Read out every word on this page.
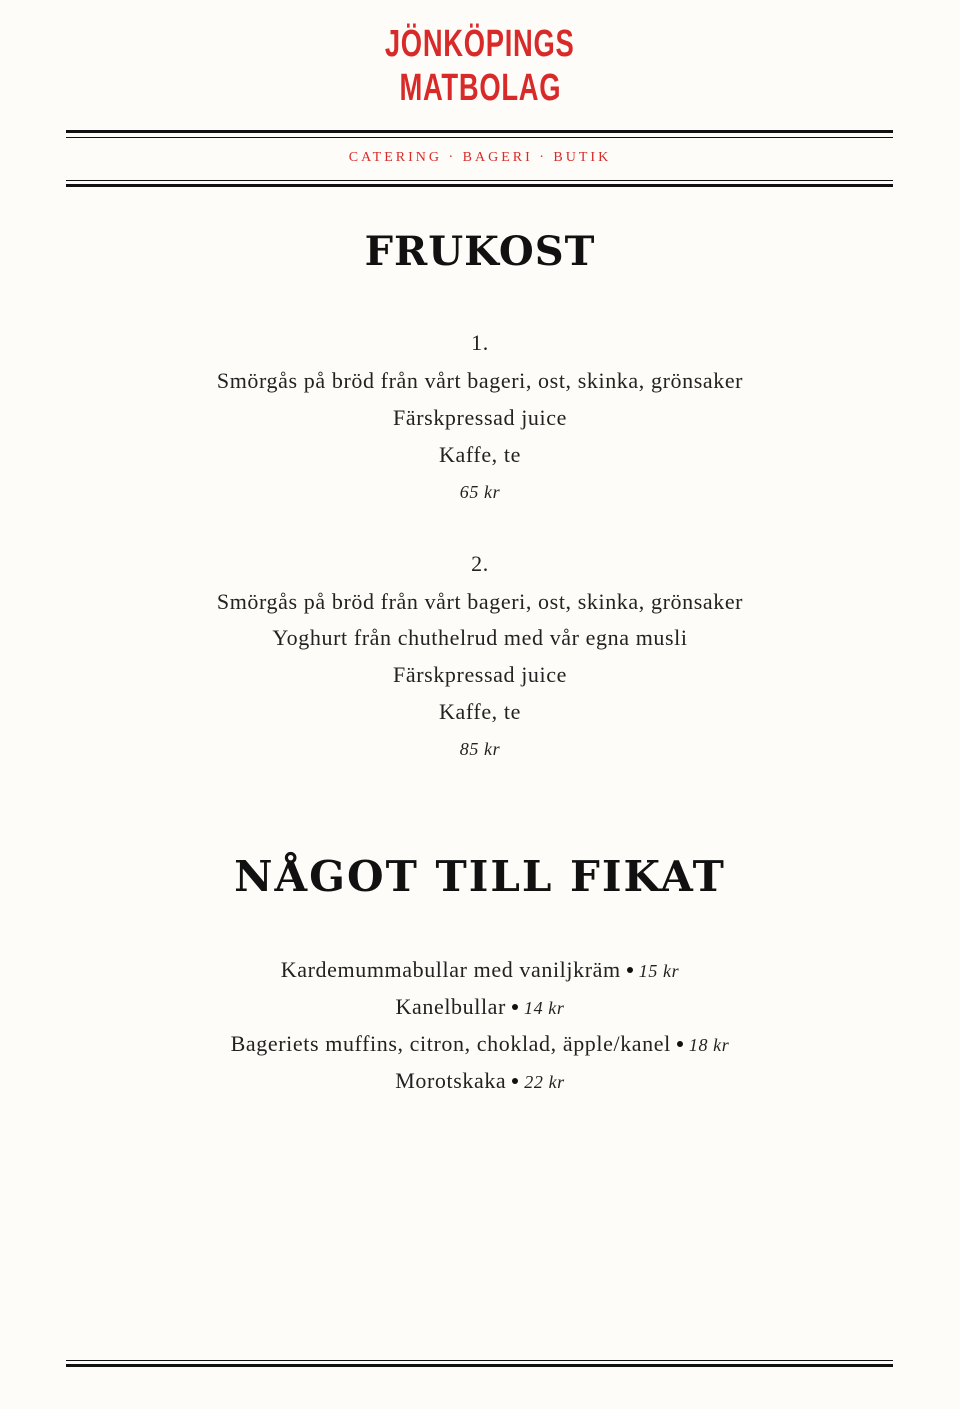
JÖNKÖPINGS
MATBOLAG
CATERING · BAGERI · BUTIK
FRUKOST
1.
Smörgås på bröd från vårt bageri, ost, skinka, grönsaker
Färskpressad juice
Kaffe, te
65 kr
2.
Smörgås på bröd från vårt bageri, ost, skinka, grönsaker
Yoghurt från chuthelrud med vår egna musli
Färskpressad juice
Kaffe, te
85 kr
NÅGOT TILL FIKAT
Kardemummabullar med vaniljkräm 15 kr
Kanelbullar 14 kr
Bageriets muffins, citron, choklad, äpple/kanel 18 kr
Morotskaka 22 kr
